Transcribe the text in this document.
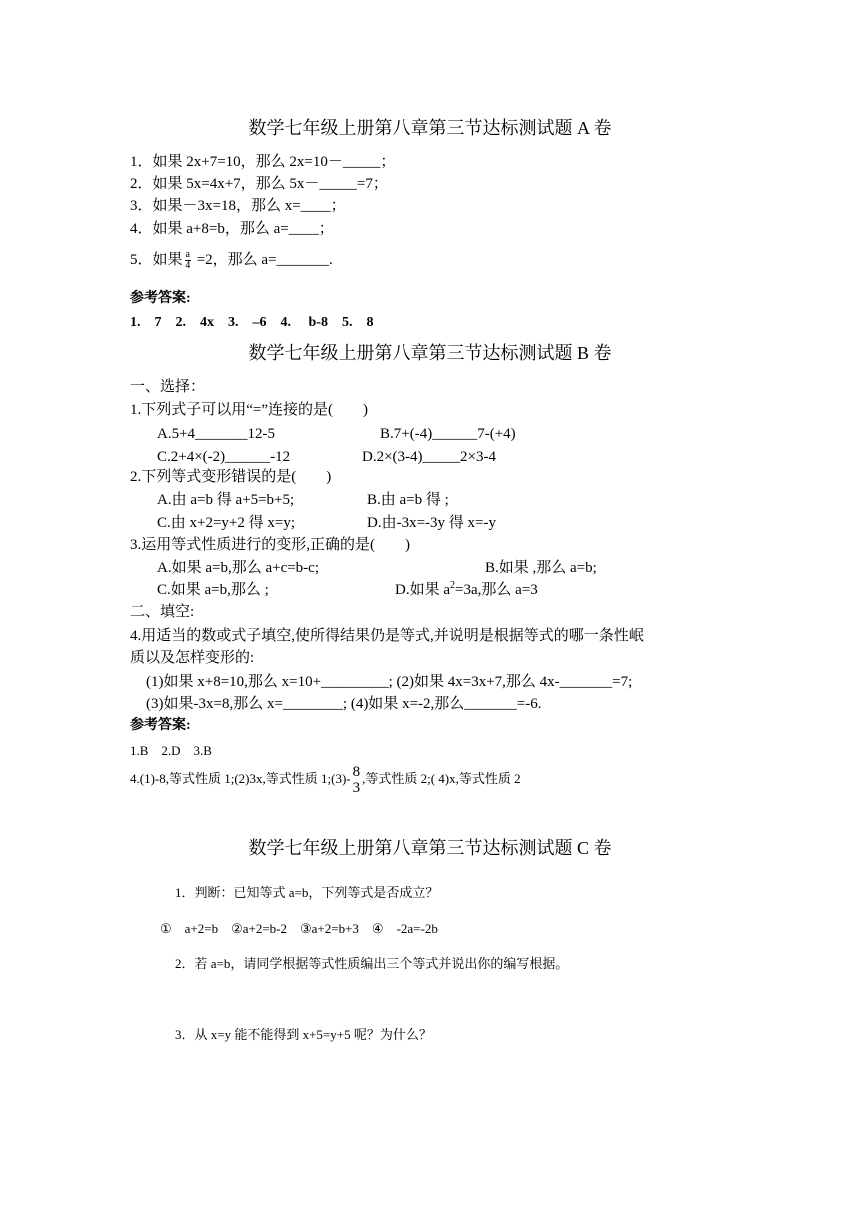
数学七年级上册第八章第三节达标测试题 A 卷
1．如果 2x+7=10，那么 2x=10－_____；
2．如果 5x=4x+7，那么 5x－_____=7；
3．如果－3x=18，那么 x=____；
4．如果 a+8=b，那么 a=____；
5．如果 $\frac{a}{4} =2$，那么 a=_______.
参考答案:
1.　7　2.　4x　3.　–6　4.　 b-8　5.　8
数学七年级上册第八章第三节达标测试题 B 卷
一、选择：
1.下列式子可以用“=”连接的是(　　)
A.5+4_______12-5	B.7+(-4)______7-(+4)
C.2+4×(-2)______-12	D.2×(3-4)_____2×3-4
2.下列等式变形错误的是(　　)
A.由 a=b 得 a+5=b+5;	B.由 a=b 得 ;
C.由 x+2=y+2 得 x=y;	D.由-3x=-3y 得 x=-y
3.运用等式性质进行的变形,正确的是(　　)
A.如果 a=b,那么 a+c=b-c;	B.如果 ,那么 a=b;
C.如果 a=b,那么 ;	D.如果 $a^2=3a$,那么 a=3
二、填空:
4.用适当的数或式子填空,使所得结果仍是等式,并说明是根据等式的哪一条性岷
质以及怎样变形的:
(1)如果 x+8=10,那么 x=10+_________; (2)如果 4x=3x+7,那么 4x-_______=7;
(3)如果-3x=8,那么 x=________; (4)如果 x=-2,那么_______=-6.
参考答案:
1.B　2.D　3.B
4.(1)-8,等式性质 1;(2)3x,等式性质 1;(3)- 8
3
,等式性质 2;( 4)x,等式性质 2
数学七年级上册第八章第三节达标测试题 C 卷
1．判断：已知等式 a=b，下列等式是否成立？
①　a+2=b　②a+2=b-2　③a+2=b+3　④　-2a=-2b
2．若 a=b，请同学根据等式性质编出三个等式并说出你的编写根据。
3．从 x=y 能不能得到 x+5=y+5 呢？为什么？
